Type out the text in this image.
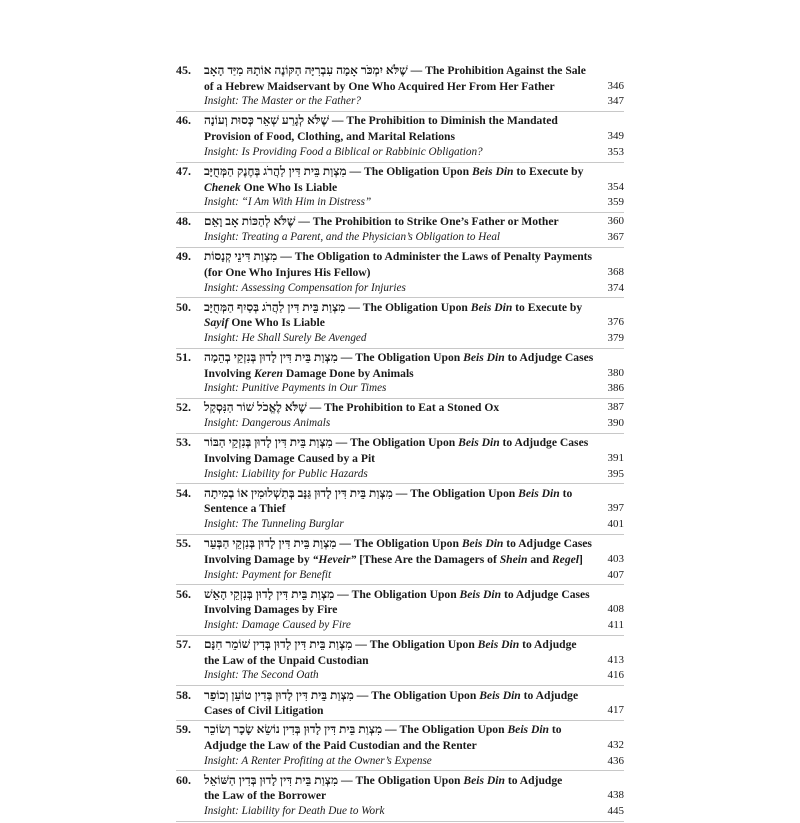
45. שֶׁלֹּא יִמְכֹּר אָמָה עִבְרִיָּה הַקּוֹנֶה אוֹתָהּ מִיַּד הָאָב — The Prohibition Against the Sale
of a Hebrew Maidservant by One Who Acquired Her From Her Father	346
Insight: The Master or the Father?	347
46. שֶׁלֹּא לְגָרַע שְׁאֵר כְּסוּת וְעוֹנָה — The Prohibition to Diminish the Mandated
Provision of Food, Clothing, and Marital Relations	349
Insight: Is Providing Food a Biblical or Rabbinic Obligation?	353
47. מִצְוַת בֵּית דִּין לַהֲרֹג בְּחֶנֶק הַמְּחֻיָּב — The Obligation Upon Beis Din to Execute by
Chenek One Who Is Liable	354
Insight: “I Am With Him in Distress”	359
48. שֶׁלֹּא לְהַכּוֹת אָב וָאֵם — The Prohibition to Strike One’s Father or Mother	360
Insight: Treating a Parent, and the Physician’s Obligation to Heal	367
49. מִצְוַת דִּינֵי קְנָסוֹת — The Obligation to Administer the Laws of Penalty Payments
(for One Who Injures His Fellow)	368
Insight: Assessing Compensation for Injuries	374
50. מִצְוַת בֵּית דִּין לַהֲרֹג בְּסַיִף הַמְּחֻיָּב — The Obligation Upon Beis Din to Execute by
Sayif One Who Is Liable	376
Insight: He Shall Surely Be Avenged	379
51. מִצְוַת בֵּית דִּין לָדוּן בְּנִזְקֵי בְהֵמָה — The Obligation Upon Beis Din to Adjudge Cases
Involving Keren Damage Done by Animals	380
Insight: Punitive Payments in Our Times	386
52. שֶׁלֹּא לֶאֱכֹל שׁוֹר הַנִּסְקָל — The Prohibition to Eat a Stoned Ox	387
Insight: Dangerous Animals	390
53. מִצְוַת בֵּית דִּין לָדוּן בְּנִזְקֵי הַבּוֹר — The Obligation Upon Beis Din to Adjudge Cases
Involving Damage Caused by a Pit	391
Insight: Liability for Public Hazards	395
54. מִצְוַת בֵּית דִּין לָדוּן גַּנָּב בְּתַשְׁלוּמִין אוֹ בְמִיתָה — The Obligation Upon Beis Din to
Sentence a Thief	397
Insight: The Tunneling Burglar	401
55. מִצְוַת בֵּית דִּין לָדוּן בְּנִזְקֵי הַבְּעֵר — The Obligation Upon Beis Din to Adjudge Cases
Involving Damage by “Heveir” [These Are the Damagers of Shein and Regel] 403
Insight: Payment for Benefit	407
56. מִצְוַת בֵּית דִּין לָדוּן בְּנִזְקֵי הָאֵשׁ — The Obligation Upon Beis Din to Adjudge Cases
Involving Damages by Fire	408
Insight: Damage Caused by Fire	411
57. מִצְוַת בֵּית דִּין לָדוּן בְּדִין שׁוֹמֵר חִנָּם — The Obligation Upon Beis Din to Adjudge
the Law of the Unpaid Custodian	413
Insight: The Second Oath	416
58. מִצְוַת בֵּית דִּין לָדוּן בְּדִין טוֹעֵן וְכוֹפֵר — The Obligation Upon Beis Din to Adjudge
Cases of Civil Litigation	417
59. מִצְוַת בֵּית דִּין לָדוּן בְּדִין נוֹשֵׂא שָׂכָר וְשׂוֹכֵר — The Obligation Upon Beis Din to
Adjudge the Law of the Paid Custodian and the Renter	432
Insight: A Renter Profiting at the Owner’s Expense	436
60. מִצְוַת בֵּית דִּין לָדוּן בְּדִין הַשּׁוֹאֵל — The Obligation Upon Beis Din to Adjudge
the Law of the Borrower	438
Insight: Liability for Death Due to Work	445
